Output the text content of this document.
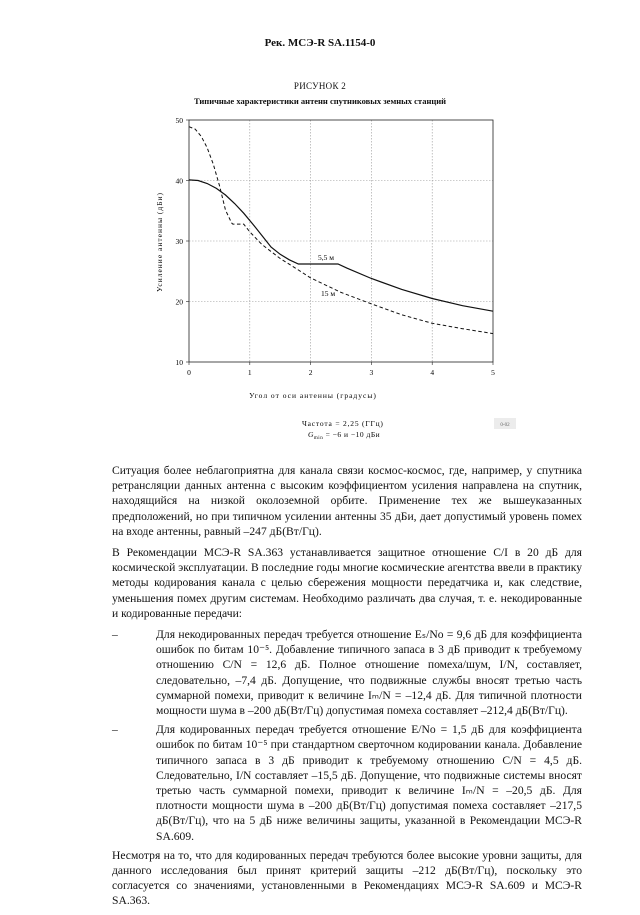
Рек. МСЭ-R SA.1154-0
РИСУНОК 2
Типичные характеристики антенн спутниковых земных станций
0	1	2	3	4	5
10
20
30
40
50
5,5 м
15 м
Угол от оси антенны (градусы)
Усиление антенны (дБи)
Частота = 2,25 (ГГц)
$G_{min} = -6$ и −10 дБи
0-02

Ситуация более неблагоприятна для канала связи космос-космос, где, например, у спутника ретрансляции данных антенна с высоким коэффициентом усиления направлена на спутник, находящийся на низкой околоземной орбите. Применение тех же вышеуказанных предположений, но при типичном усилении антенны 35 дБи, дает допустимый уровень помех на входе антенны, равный –247 дБ(Вт/Гц).

В Рекомендации МСЭ-R SA.363 устанавливается защитное отношение C/I в 20 дБ для космической эксплуатации. В последние годы многие космические агентства ввели в практику методы кодирования канала с целью сбережения мощности передатчика и, как следствие, уменьшения помех другим системам. Необходимо различать два случая, т. е. некодированные и кодированные передачи:

–	Для некодированных передач требуется отношение Eₛ/No = 9,6 дБ для коэффициента ошибок по битам 10⁻⁵. Добавление типичного запаса в 3 дБ приводит к требуемому отношению C/N = 12,6 дБ. Полное отношение помеха/шум, I/N, составляет, следовательно, –7,4 дБ. Допущение, что подвижные службы вносят третью часть суммарной помехи, приводит к величине Iₘ/N = –12,4 дБ. Для типичной плотности мощности шума в –200 дБ(Вт/Гц) допустимая помеха составляет –212,4 дБ(Вт/Гц).
–	Для кодированных передач требуется отношение E/No = 1,5 дБ для коэффициента ошибок по битам 10⁻⁵ при стандартном сверточном кодировании канала. Добавление типичного запаса в 3 дБ приводит к требуемому отношению C/N = 4,5 дБ. Следовательно, I/N составляет –15,5 дБ. Допущение, что подвижные системы вносят третью часть суммарной помехи, приводит к величине Iₘ/N = –20,5 дБ. Для плотности мощности шума в –200 дБ(Вт/Гц) допустимая помеха составляет –217,5 дБ(Вт/Гц), что на 5 дБ ниже величины защиты, указанной в Рекомендации МСЭ-R SA.609.

Несмотря на то, что для кодированных передач требуются более высокие уровни защиты, для данного исследования был принят критерий защиты –212 дБ(Вт/Гц), поскольку это согласуется со значениями, установленными в Рекомендациях МСЭ-R SA.609 и МСЭ-R SA.363.
